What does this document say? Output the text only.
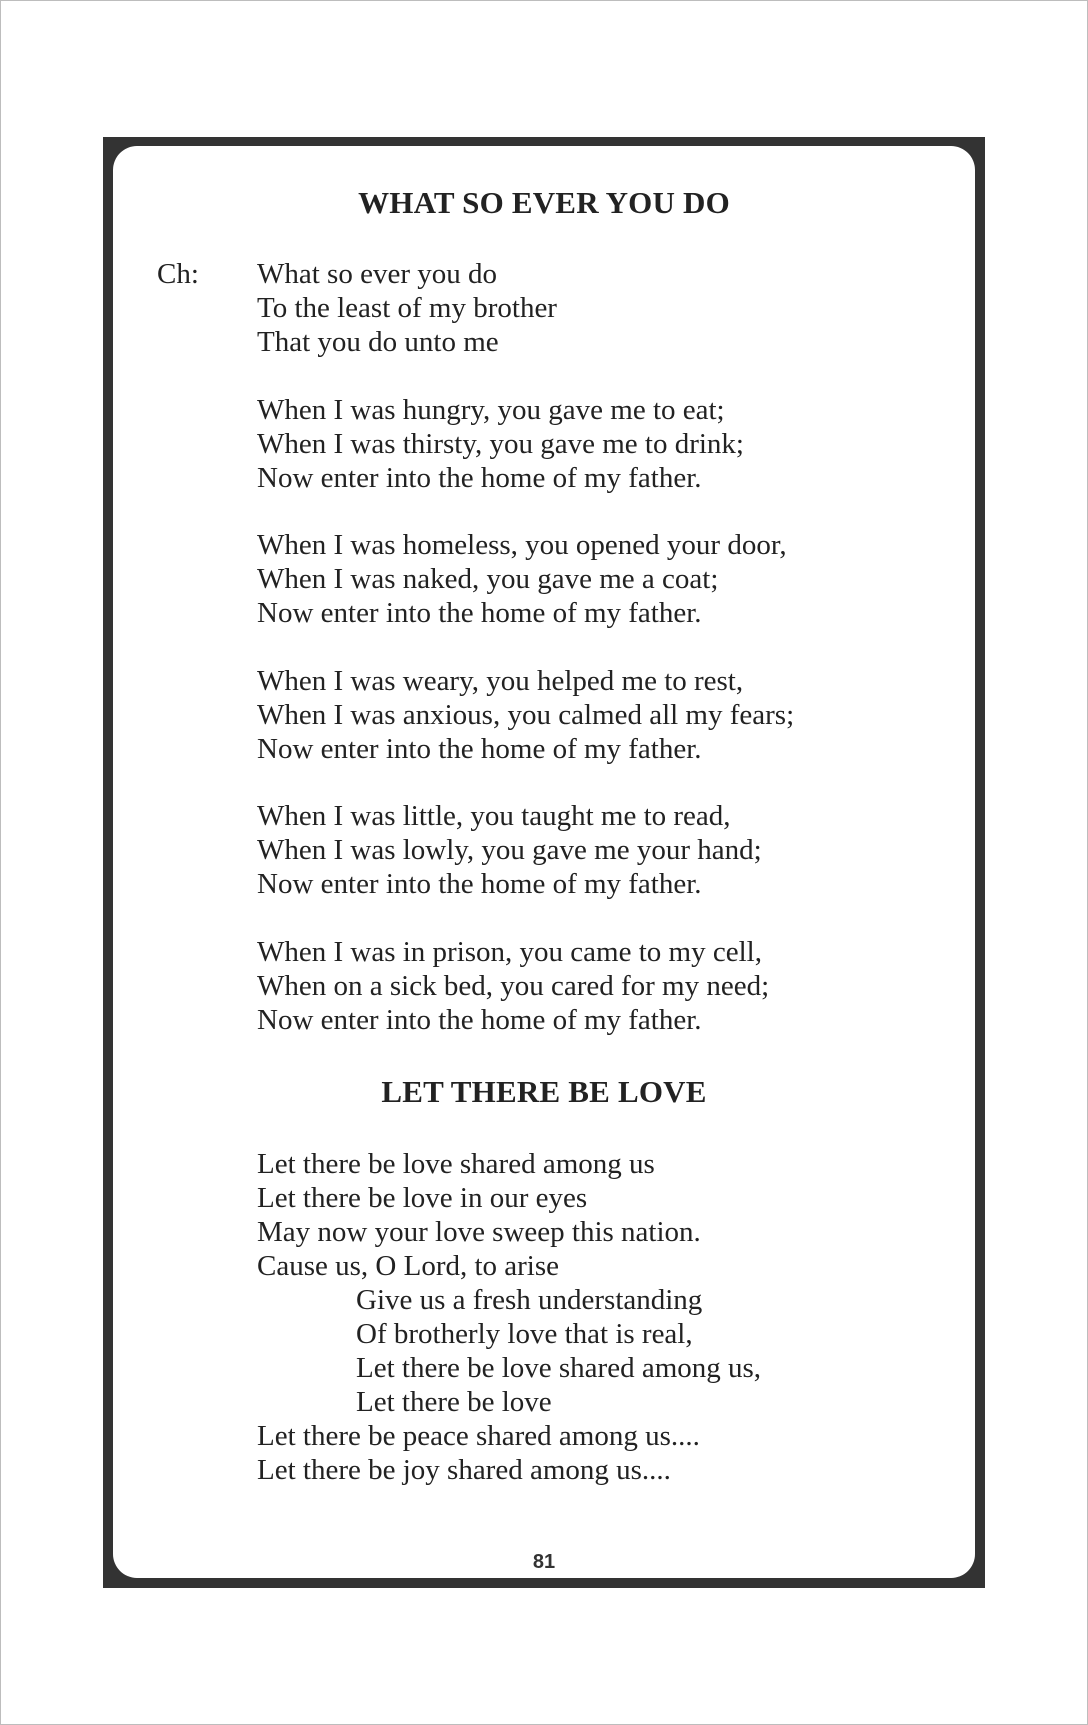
WHAT SO EVER YOU DO
Ch: What so ever you do
To the least of my brother
That you do unto me
When I was hungry, you gave me to eat;
When I was thirsty, you gave me to drink;
Now enter into the home of my father.
When I was homeless, you opened your door,
When I was naked, you gave me a coat;
Now enter into the home of my father.
When I was weary, you helped me to rest,
When I was anxious, you calmed all my fears;
Now enter into the home of my father.
When I was little, you taught me to read,
When I was lowly, you gave me your hand;
Now enter into the home of my father.
When I was in prison, you came to my cell,
When on a sick bed, you cared for my need;
Now enter into the home of my father.
LET THERE BE LOVE
Let there be love shared among us
Let there be love in our eyes
May now your love sweep this nation.
Cause us, O Lord, to arise
Give us a fresh understanding
Of brotherly love that is real,
Let there be love shared among us,
Let there be love
Let there be peace shared among us....
Let there be joy shared among us....
81
